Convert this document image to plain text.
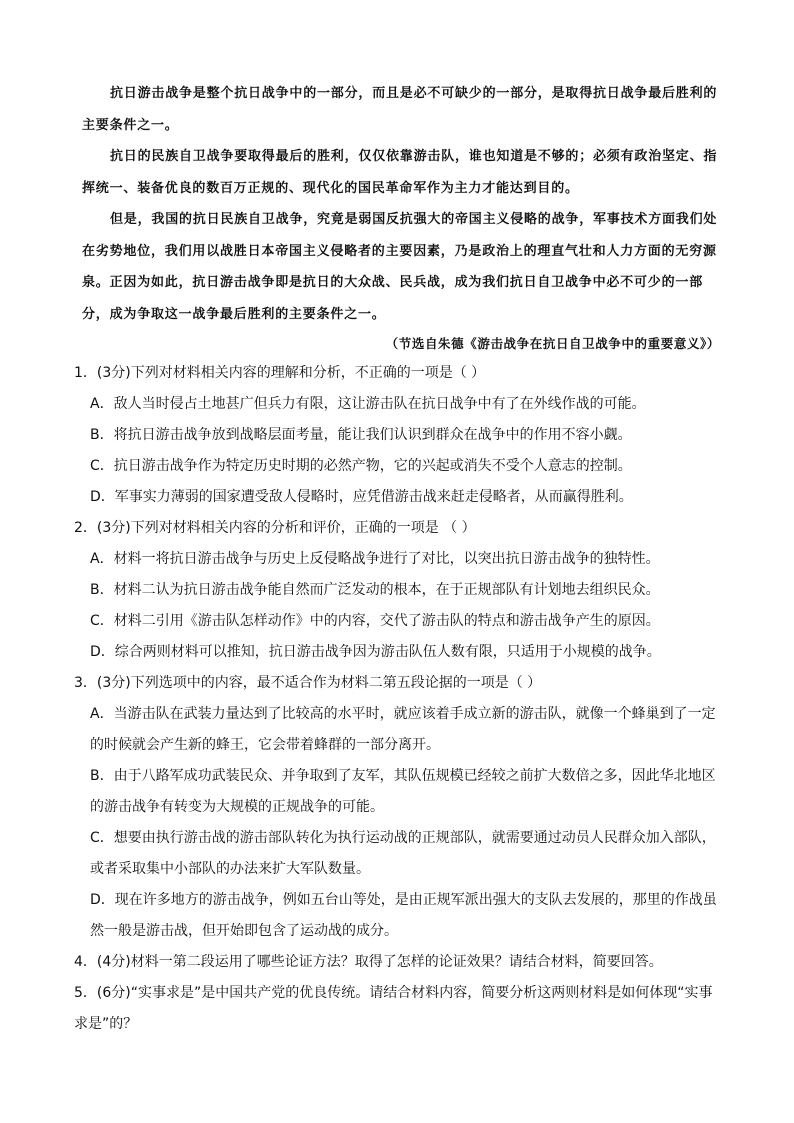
抗日游击战争是整个抗日战争中的一部分，而且是必不可缺少的一部分，是取得抗日战争最后胜利的主要条件之一。

抗日的民族自卫战争要取得最后的胜利，仅仅依靠游击队，谁也知道是不够的；必须有政治坚定、指挥统一、装备优良的数百万正规的、现代化的国民革命军作为主力才能达到目的。

但是，我国的抗日民族自卫战争，究竟是弱国反抗强大的帝国主义侵略的战争，军事技术方面我们处在劣势地位，我们用以战胜日本帝国主义侵略者的主要因素，乃是政治上的理直气壮和人力方面的无穷源泉。正因为如此，抗日游击战争即是抗日的大众战、民兵战，成为我们抗日自卫战争中必不可少的一部分，成为争取这一战争最后胜利的主要条件之一。

（节选自朱德《游击战争在抗日自卫战争中的重要意义》）

1．(3分)下列对材料相关内容的理解和分析，不正确的一项是（ ）

A．敌人当时侵占土地甚广但兵力有限，这让游击队在抗日战争中有了在外线作战的可能。

B．将抗日游击战争放到战略层面考量，能让我们认识到群众在战争中的作用不容小觑。

C．抗日游击战争作为特定历史时期的必然产物，它的兴起或消失不受个人意志的控制。

D．军事实力薄弱的国家遭受敌人侵略时，应凭借游击战来赶走侵略者，从而赢得胜利。

2．(3分)下列对材料相关内容的分析和评价，正确的一项是 （ ）

A．材料一将抗日游击战争与历史上反侵略战争进行了对比，以突出抗日游击战争的独特性。

B．材料二认为抗日游击战争能自然而广泛发动的根本，在于正规部队有计划地去组织民众。

C．材料二引用《游击队怎样动作》中的内容，交代了游击队的特点和游击战争产生的原因。

D．综合两则材料可以推知，抗日游击战争因为游击队伍人数有限，只适用于小规模的战争。

3．(3分)下列选项中的内容，最不适合作为材料二第五段论据的一项是（ ）

A．当游击队在武装力量达到了比较高的水平时，就应该着手成立新的游击队，就像一个蜂巢到了一定的时候就会产生新的蜂王，它会带着蜂群的一部分离开。

B．由于八路军成功武装民众、并争取到了友军，其队伍规模已经较之前扩大数倍之多，因此华北地区的游击战争有转变为大规模的正规战争的可能。

C．想要由执行游击战的游击部队转化为执行运动战的正规部队，就需要通过动员人民群众加入部队，或者采取集中小部队的办法来扩大军队数量。

D．现在许多地方的游击战争，例如五台山等处，是由正规军派出强大的支队去发展的，那里的作战虽然一般是游击战，但开始即包含了运动战的成分。

4．(4分)材料一第二段运用了哪些论证方法？取得了怎样的论证效果？请结合材料，简要回答。

5．(6分)“实事求是”是中国共产党的优良传统。请结合材料内容，简要分析这两则材料是如何体现“实事求是”的？
